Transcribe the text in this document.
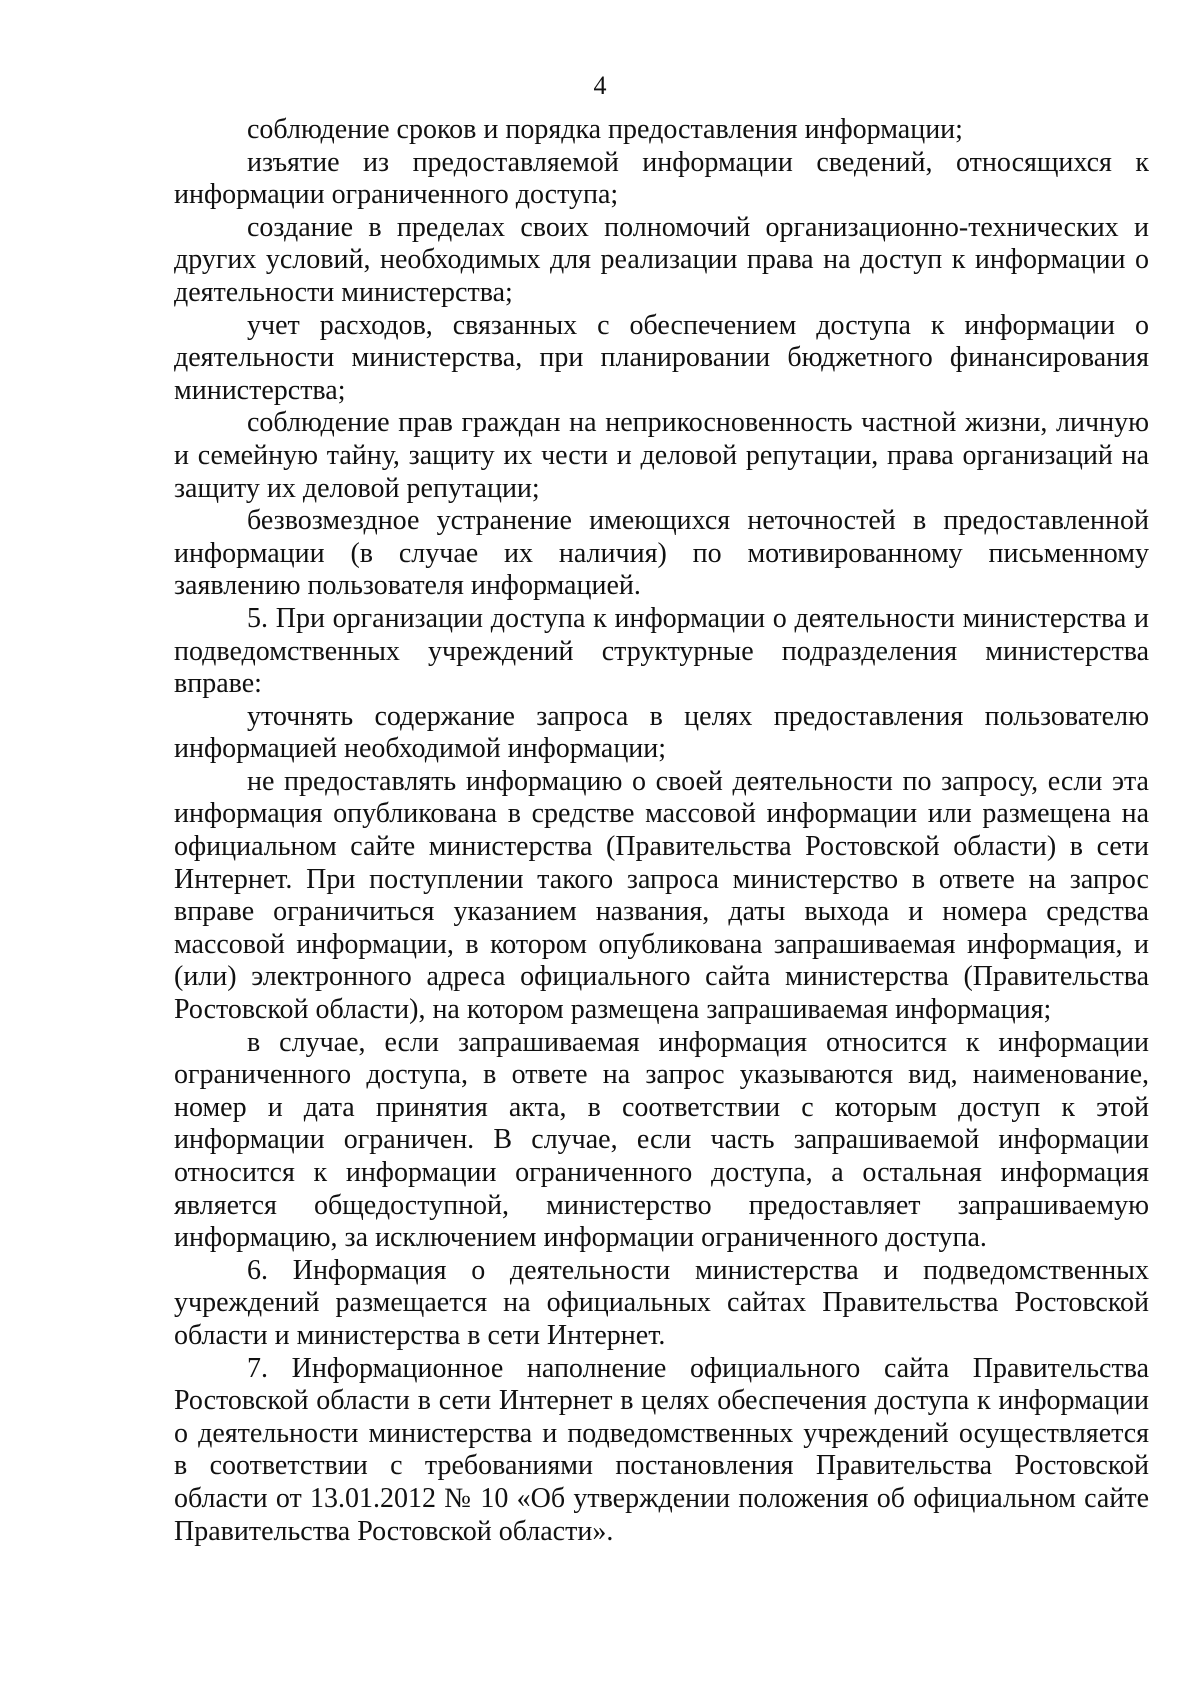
4

соблюдение сроков и порядка предоставления информации;

изъятие из предоставляемой информации сведений, относящихся к информации ограниченного доступа;

создание в пределах своих полномочий организационно-технических и других условий, необходимых для реализации права на доступ к информации о деятельности министерства;

учет расходов, связанных с обеспечением доступа к информации о деятельности министерства, при планировании бюджетного финансирования министерства;

соблюдение прав граждан на неприкосновенность частной жизни, личную и семейную тайну, защиту их чести и деловой репутации, права организаций на защиту их деловой репутации;

безвозмездное устранение имеющихся неточностей в предоставленной информации (в случае их наличия) по мотивированному письменному заявлению пользователя информацией.

5. При организации доступа к информации о деятельности министерства и подведомственных учреждений структурные подразделения министерства вправе:

уточнять содержание запроса в целях предоставления пользователю информацией необходимой информации;

не предоставлять информацию о своей деятельности по запросу, если эта информация опубликована в средстве массовой информации или размещена на официальном сайте министерства (Правительства Ростовской области) в сети Интернет. При поступлении такого запроса министерство в ответе на запрос вправе ограничиться указанием названия, даты выхода и номера средства массовой информации, в котором опубликована запрашиваемая информация, и (или) электронного адреса официального сайта министерства (Правительства Ростовской области), на котором размещена запрашиваемая информация;

в случае, если запрашиваемая информация относится к информации ограниченного доступа, в ответе на запрос указываются вид, наименование, номер и дата принятия акта, в соответствии с которым доступ к этой информации ограничен. В случае, если часть запрашиваемой информации относится к информации ограниченного доступа, а остальная информация является общедоступной, министерство предоставляет запрашиваемую информацию, за исключением информации ограниченного доступа.

6. Информация о деятельности министерства и подведомственных учреждений размещается на официальных сайтах Правительства Ростовской области и министерства в сети Интернет.

7. Информационное наполнение официального сайта Правительства Ростовской области в сети Интернет в целях обеспечения доступа к информации о деятельности министерства и подведомственных учреждений осуществляется в соответствии с требованиями постановления Правительства Ростовской области от 13.01.2012 № 10 «Об утверждении положения об официальном сайте Правительства Ростовской области».
